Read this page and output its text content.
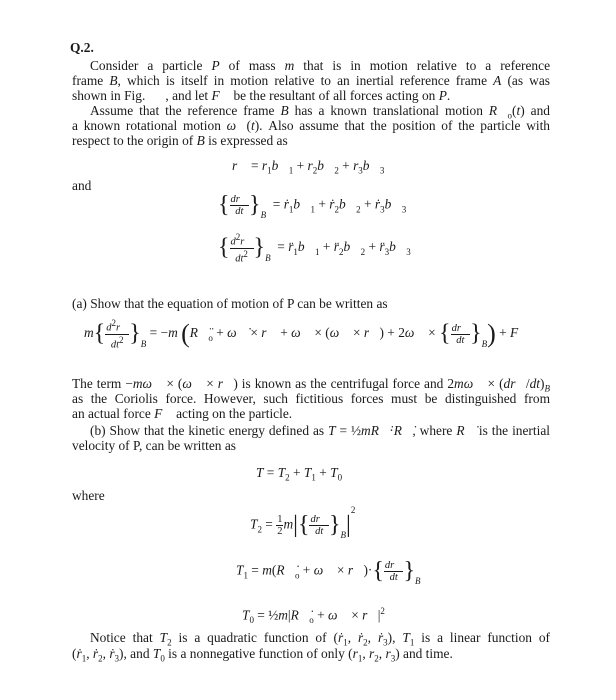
Q.2.
Consider a particle P of mass m that is in motion relative to a reference
frame B, which is itself in motion relative to an inertial reference frame A (as was
shown in Fig.      , and let F⃗ be the resultant of all forces acting on P.
Assume that the reference frame B has a known translational motion $R⃗_o(t)$ and
a known rotational motion ω⃗(t). Also assume that the position of the particle with
respect to the origin of B is expressed as
r⃗ = $r_1b⃗_1$ + $r_2b⃗_2$ + $r_3b⃗_3$
and
{ $\frac{dr⃗}{dt} \}_B$  = $ṙ_1b⃗_1$ + $ṙ_2b⃗_2$ + $ṙ_3b⃗_3$
{ $\frac{d^2r⃗}{dt^2} \}_B$  = $r̈_1b⃗_1$ + $r̈_2b⃗_2$ + $r̈_3b⃗_3$
(a) Show that the equation of motion of P can be written as
$m\{ \frac{d^2r⃗}{dt^2} \}_B = -m$ ($R⃗̈_o$ + ω⃗̇ × r⃗ + ω⃗ × (ω⃗ × r⃗) + 2ω⃗ × { $\frac{dr⃗}{dt} \}_B$) + F⃗
The term −mω⃗ × (ω⃗ × r⃗) is known as the centrifugal force and 2mω⃗ × $(dr⃗/dt)_B$
as the Coriolis force. However, such fictitious forces must be distinguished from
an actual force F⃗ acting on the particle.
(b) Show that the kinetic energy defined as T = ½mR⃗̇·R⃗̇, where R⃗̇ is the inertial
velocity of P, can be written as
$T = T_2 + T_1 + T_0$
where
$T_2 = \frac{1}{2} m|\{ \frac{dr⃗}{dt} \}_B|^2$
$T_1$ = $m(R⃗̇_o$ + ω⃗ × r⃗)·{ $\frac{dr⃗}{dt} \}_B$
$T_0$ = $\frac{1}{2}m|R⃗̇_o$ + ω⃗ × $r⃗|^2$
Notice that $T_2$ is a quadratic function of (ṙ$_1$, ṙ$_2$, ṙ$_3$), $T_1$ is a linear function of
(ṙ$_1$, ṙ$_2$, ṙ$_3$), and $T_0$ is a nonnegative function of only ($r_1$, $r_2$, $r_3$) and time.
